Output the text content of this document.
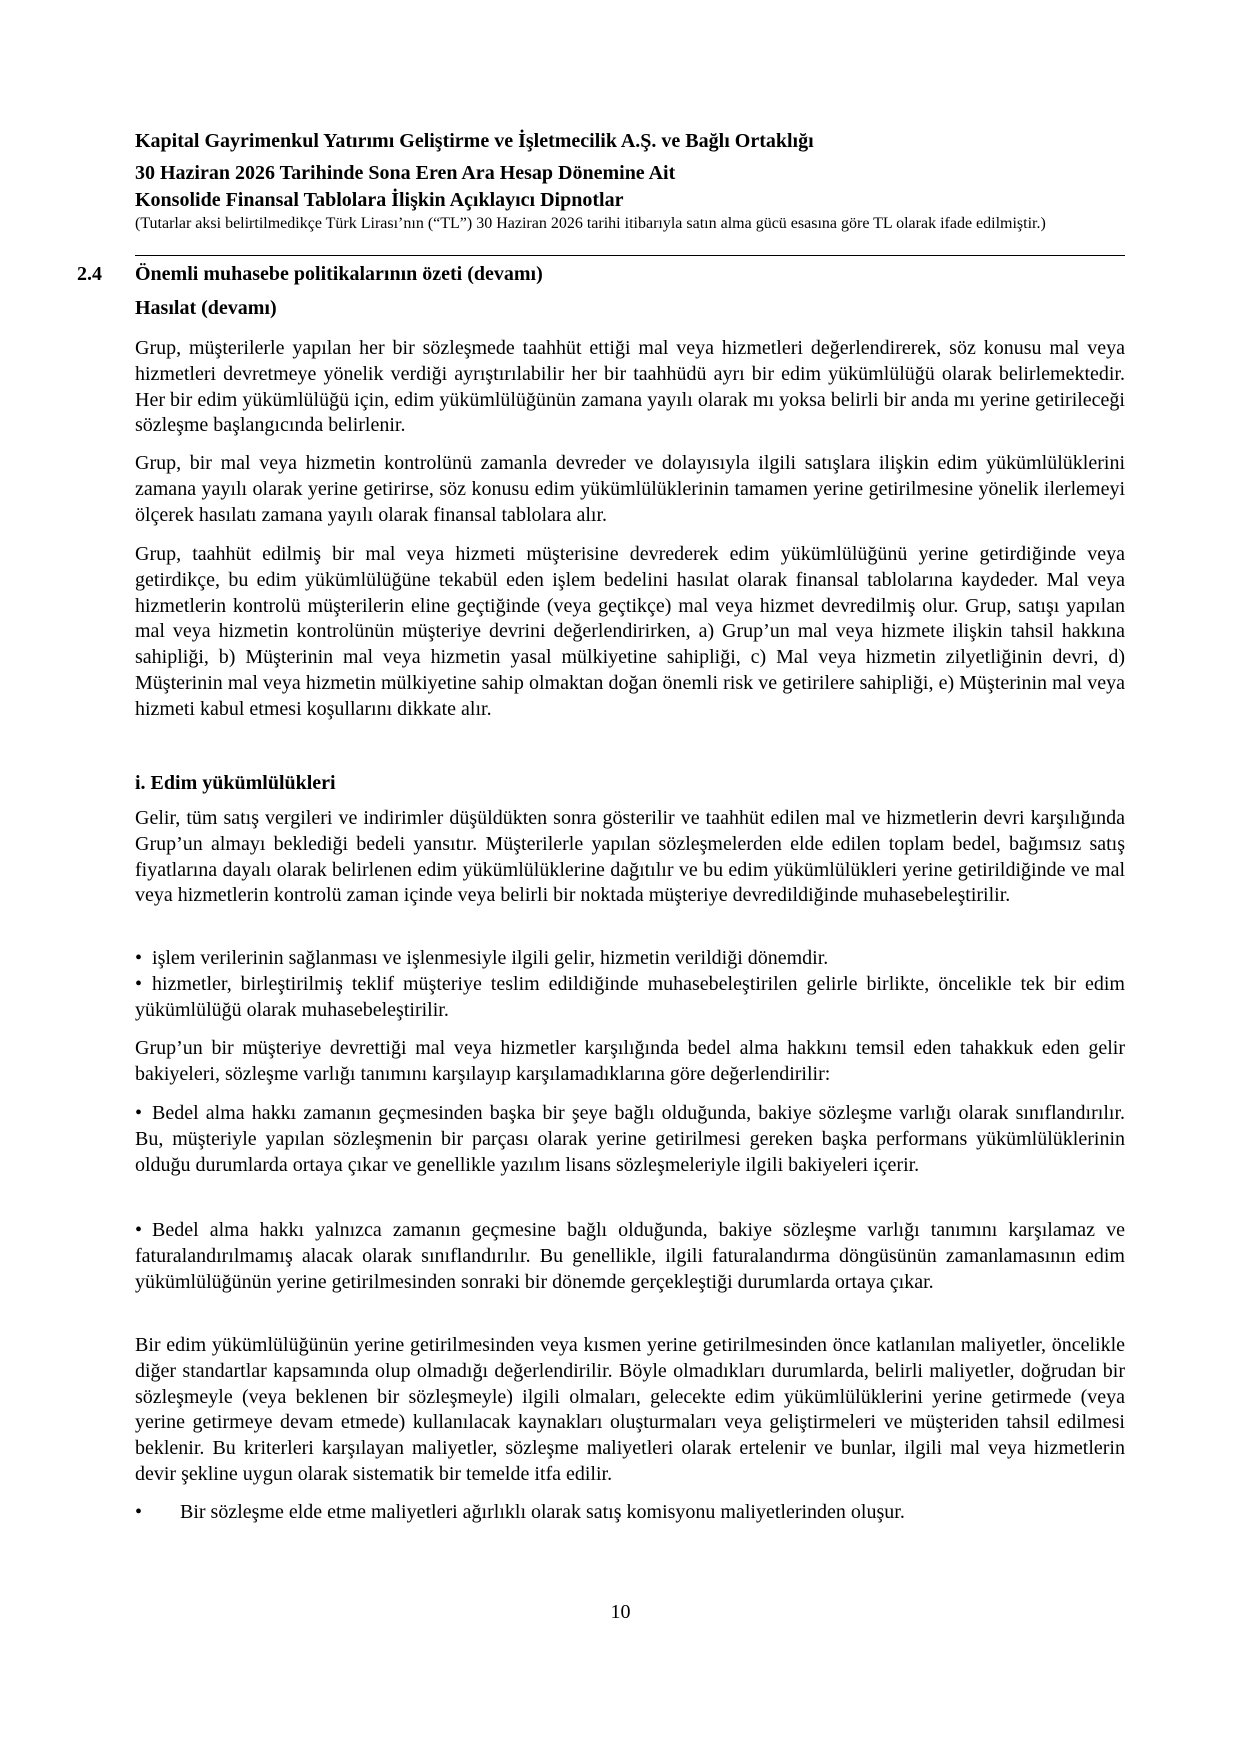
Kapital Gayrimenkul Yatırımı Geliştirme ve İşletmecilik A.Ş. ve Bağlı Ortaklığı
30 Haziran 2026 Tarihinde Sona Eren Ara Hesap Dönemine Ait
Konsolide Finansal Tablolara İlişkin Açıklayıcı Dipnotlar
(Tutarlar aksi belirtilmedikçe Türk Lirası’nın (“TL”) 30 Haziran 2026 tarihi itibarıyla satın alma gücü esasına göre TL olarak ifade edilmiştir.)
2.4 Önemli muhasebe politikalarının özeti (devamı)
Hasılat (devamı)

Grup, müşterilerle yapılan her bir sözleşmede taahhüt ettiği mal veya hizmetleri değerlendirerek, söz konusu mal veya hizmetleri devretmeye yönelik verdiği ayrıştırılabilir her bir taahhüdü ayrı bir edim yükümlülüğü olarak belirlemektedir. Her bir edim yükümlülüğü için, edim yükümlülüğünün zamana yayılı olarak mı yoksa belirli bir anda mı yerine getirileceği sözleşme başlangıcında belirlenir.

Grup, bir mal veya hizmetin kontrolünü zamanla devreder ve dolayısıyla ilgili satışlara ilişkin edim yükümlülüklerini zamana yayılı olarak yerine getirirse, söz konusu edim yükümlülüklerinin tamamen yerine getirilmesine yönelik ilerlemeyi ölçerek hasılatı zamana yayılı olarak finansal tablolara alır.

Grup, taahhüt edilmiş bir mal veya hizmeti müşterisine devrederek edim yükümlülüğünü yerine getirdiğinde veya getirdikçe, bu edim yükümlülüğüne tekabül eden işlem bedelini hasılat olarak finansal tablolarına kaydeder. Mal veya hizmetlerin kontrolü müşterilerin eline geçtiğinde (veya geçtikçe) mal veya hizmet devredilmiş olur. Grup, satışı yapılan mal veya hizmetin kontrolünün müşteriye devrini değerlendirirken, a) Grup’un mal veya hizmete ilişkin tahsil hakkına sahipliği, b) Müşterinin mal veya hizmetin yasal mülkiyetine sahipliği, c) Mal veya hizmetin zilyetliğinin devri, d) Müşterinin mal veya hizmetin mülkiyetine sahip olmaktan doğan önemli risk ve getirilere sahipliği, e) Müşterinin mal veya hizmeti kabul etmesi koşullarını dikkate alır.

i. Edim yükümlülükleri

Gelir, tüm satış vergileri ve indirimler düşüldükten sonra gösterilir ve taahhüt edilen mal ve hizmetlerin devri karşılığında Grup’un almayı beklediği bedeli yansıtır. Müşterilerle yapılan sözleşmelerden elde edilen toplam bedel, bağımsız satış fiyatlarına dayalı olarak belirlenen edim yükümlülüklerine dağıtılır ve bu edim yükümlülükleri yerine getirildiğinde ve mal veya hizmetlerin kontrolü zaman içinde veya belirli bir noktada müşteriye devredildiğinde muhasebeleştirilir.

• işlem verilerinin sağlanması ve işlenmesiyle ilgili gelir, hizmetin verildiği dönemdir.

• hizmetler, birleştirilmiş teklif müşteriye teslim edildiğinde muhasebeleştirilen gelirle birlikte, öncelikle tek bir edim yükümlülüğü olarak muhasebeleştirilir.

Grup’un bir müşteriye devrettiği mal veya hizmetler karşılığında bedel alma hakkını temsil eden tahakkuk eden gelir bakiyeleri, sözleşme varlığı tanımını karşılayıp karşılamadıklarına göre değerlendirilir:

• Bedel alma hakkı zamanın geçmesinden başka bir şeye bağlı olduğunda, bakiye sözleşme varlığı olarak sınıflandırılır. Bu, müşteriyle yapılan sözleşmenin bir parçası olarak yerine getirilmesi gereken başka performans yükümlülüklerinin olduğu durumlarda ortaya çıkar ve genellikle yazılım lisans sözleşmeleriyle ilgili bakiyeleri içerir.

• Bedel alma hakkı yalnızca zamanın geçmesine bağlı olduğunda, bakiye sözleşme varlığı tanımını karşılamaz ve faturalandırılmamış alacak olarak sınıflandırılır. Bu genellikle, ilgili faturalandırma döngüsünün zamanlamasının edim yükümlülüğünün yerine getirilmesinden sonraki bir dönemde gerçekleştiği durumlarda ortaya çıkar.

Bir edim yükümlülüğünün yerine getirilmesinden veya kısmen yerine getirilmesinden önce katlanılan maliyetler, öncelikle diğer standartlar kapsamında olup olmadığı değerlendirilir. Böyle olmadıkları durumlarda, belirli maliyetler, doğrudan bir sözleşmeyle (veya beklenen bir sözleşmeyle) ilgili olmaları, gelecekte edim yükümlülüklerini yerine getirmede (veya yerine getirmeye devam etmede) kullanılacak kaynakları oluşturmaları veya geliştirmeleri ve müşteriden tahsil edilmesi beklenir. Bu kriterleri karşılayan maliyetler, sözleşme maliyetleri olarak ertelenir ve bunlar, ilgili mal veya hizmetlerin devir şekline uygun olarak sistematik bir temelde itfa edilir.

• Bir sözleşme elde etme maliyetleri ağırlıklı olarak satış komisyonu maliyetlerinden oluşur.
10
